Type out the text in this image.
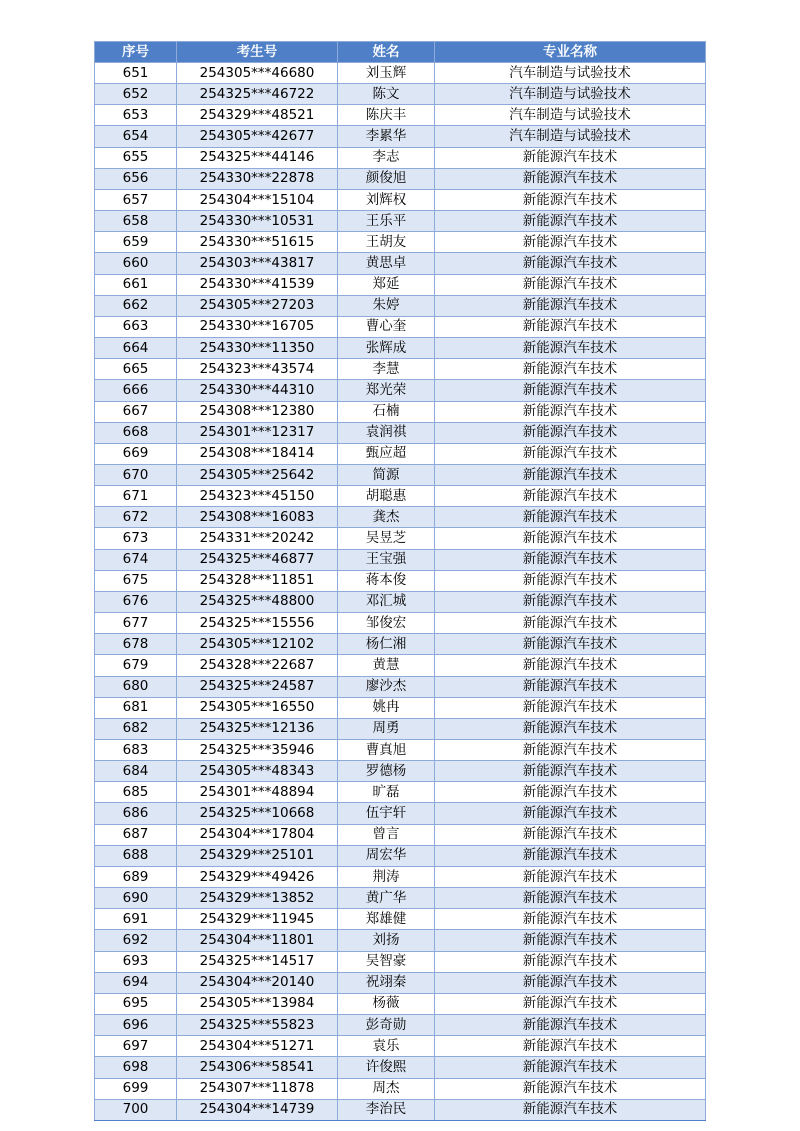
序号	考生号	姓名	专业名称
651	254305***46680	刘玉辉	汽车制造与试验技术
652	254325***46722	陈文	汽车制造与试验技术
653	254329***48521	陈庆丰	汽车制造与试验技术
654	254305***42677	李累华	汽车制造与试验技术
655	254325***44146	李志	新能源汽车技术
656	254330***22878	颜俊旭	新能源汽车技术
657	254304***15104	刘辉权	新能源汽车技术
658	254330***10531	王乐平	新能源汽车技术
659	254330***51615	王胡友	新能源汽车技术
660	254303***43817	黄思卓	新能源汽车技术
661	254330***41539	郑延	新能源汽车技术
662	254305***27203	朱婷	新能源汽车技术
663	254330***16705	曹心奎	新能源汽车技术
664	254330***11350	张辉成	新能源汽车技术
665	254323***43574	李慧	新能源汽车技术
666	254330***44310	郑光荣	新能源汽车技术
667	254308***12380	石楠	新能源汽车技术
668	254301***12317	袁润祺	新能源汽车技术
669	254308***18414	甄应超	新能源汽车技术
670	254305***25642	简源	新能源汽车技术
671	254323***45150	胡聪惠	新能源汽车技术
672	254308***16083	龚杰	新能源汽车技术
673	254331***20242	吴昱芝	新能源汽车技术
674	254325***46877	王宝强	新能源汽车技术
675	254328***11851	蒋本俊	新能源汽车技术
676	254325***48800	邓汇城	新能源汽车技术
677	254325***15556	邹俊宏	新能源汽车技术
678	254305***12102	杨仁湘	新能源汽车技术
679	254328***22687	黄慧	新能源汽车技术
680	254325***24587	廖沙杰	新能源汽车技术
681	254305***16550	姚冉	新能源汽车技术
682	254325***12136	周勇	新能源汽车技术
683	254325***35946	曹真旭	新能源汽车技术
684	254305***48343	罗德杨	新能源汽车技术
685	254301***48894	旷磊	新能源汽车技术
686	254325***10668	伍宇轩	新能源汽车技术
687	254304***17804	曾言	新能源汽车技术
688	254329***25101	周宏华	新能源汽车技术
689	254329***49426	荆涛	新能源汽车技术
690	254329***13852	黄广华	新能源汽车技术
691	254329***11945	郑雄健	新能源汽车技术
692	254304***11801	刘扬	新能源汽车技术
693	254325***14517	吴智豪	新能源汽车技术
694	254304***20140	祝翊秦	新能源汽车技术
695	254305***13984	杨薇	新能源汽车技术
696	254325***55823	彭奇勋	新能源汽车技术
697	254304***51271	袁乐	新能源汽车技术
698	254306***58541	许俊熙	新能源汽车技术
699	254307***11878	周杰	新能源汽车技术
700	254304***14739	李治民	新能源汽车技术
